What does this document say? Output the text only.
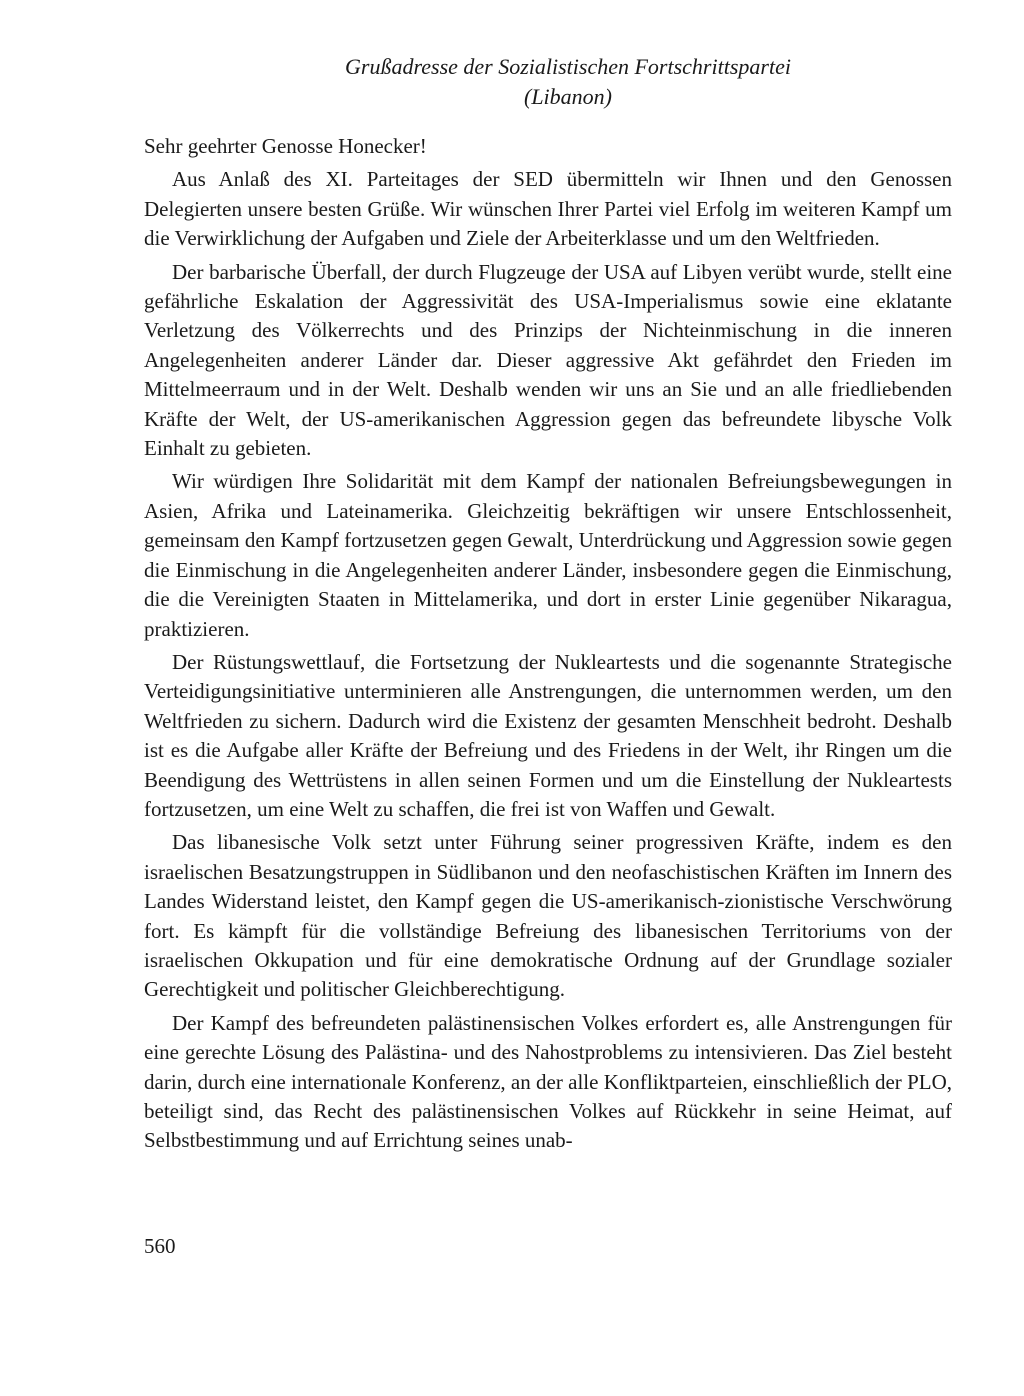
Grußadresse der Sozialistischen Fortschrittspartei
(Libanon)

Sehr geehrter Genosse Honecker!

Aus Anlaß des XI. Parteitages der SED übermitteln wir Ihnen und den Genossen Delegierten unsere besten Grüße. Wir wünschen Ihrer Partei viel Erfolg im weiteren Kampf um die Verwirklichung der Aufgaben und Ziele der Arbeiterklasse und um den Weltfrieden.

Der barbarische Überfall, der durch Flugzeuge der USA auf Libyen verübt wurde, stellt eine gefährliche Eskalation der Aggressivität des USA-Imperialismus sowie eine eklatante Verletzung des Völkerrechts und des Prinzips der Nichteinmischung in die inneren Angelegenheiten anderer Länder dar. Dieser aggressive Akt gefährdet den Frieden im Mittelmeerraum und in der Welt. Deshalb wenden wir uns an Sie und an alle friedliebenden Kräfte der Welt, der US-amerikanischen Aggression gegen das befreundete libysche Volk Einhalt zu gebieten.

Wir würdigen Ihre Solidarität mit dem Kampf der nationalen Befreiungsbewegungen in Asien, Afrika und Lateinamerika. Gleichzeitig bekräftigen wir unsere Entschlossenheit, gemeinsam den Kampf fortzusetzen gegen Gewalt, Unterdrückung und Aggression sowie gegen die Einmischung in die Angelegenheiten anderer Länder, insbesondere gegen die Einmischung, die die Vereinigten Staaten in Mittelamerika, und dort in erster Linie gegenüber Nikaragua, praktizieren.

Der Rüstungswettlauf, die Fortsetzung der Nukleartests und die sogenannte Strategische Verteidigungsinitiative unterminieren alle Anstrengungen, die unternommen werden, um den Weltfrieden zu sichern. Dadurch wird die Existenz der gesamten Menschheit bedroht. Deshalb ist es die Aufgabe aller Kräfte der Befreiung und des Friedens in der Welt, ihr Ringen um die Beendigung des Wettrüstens in allen seinen Formen und um die Einstellung der Nukleartests fortzusetzen, um eine Welt zu schaffen, die frei ist von Waffen und Gewalt.

Das libanesische Volk setzt unter Führung seiner progressiven Kräfte, indem es den israelischen Besatzungstruppen in Südlibanon und den neofaschistischen Kräften im Innern des Landes Widerstand leistet, den Kampf gegen die US-amerikanisch-zionistische Verschwörung fort. Es kämpft für die vollständige Befreiung des libanesischen Territoriums von der israelischen Okkupation und für eine demokratische Ordnung auf der Grundlage sozialer Gerechtigkeit und politischer Gleichberechtigung.

Der Kampf des befreundeten palästinensischen Volkes erfordert es, alle Anstrengungen für eine gerechte Lösung des Palästina- und des Nahostproblems zu intensivieren. Das Ziel besteht darin, durch eine internationale Konferenz, an der alle Konfliktparteien, einschließlich der PLO, beteiligt sind, das Recht des palästinensischen Volkes auf Rückkehr in seine Heimat, auf Selbstbestimmung und auf Errichtung seines unab-

560
